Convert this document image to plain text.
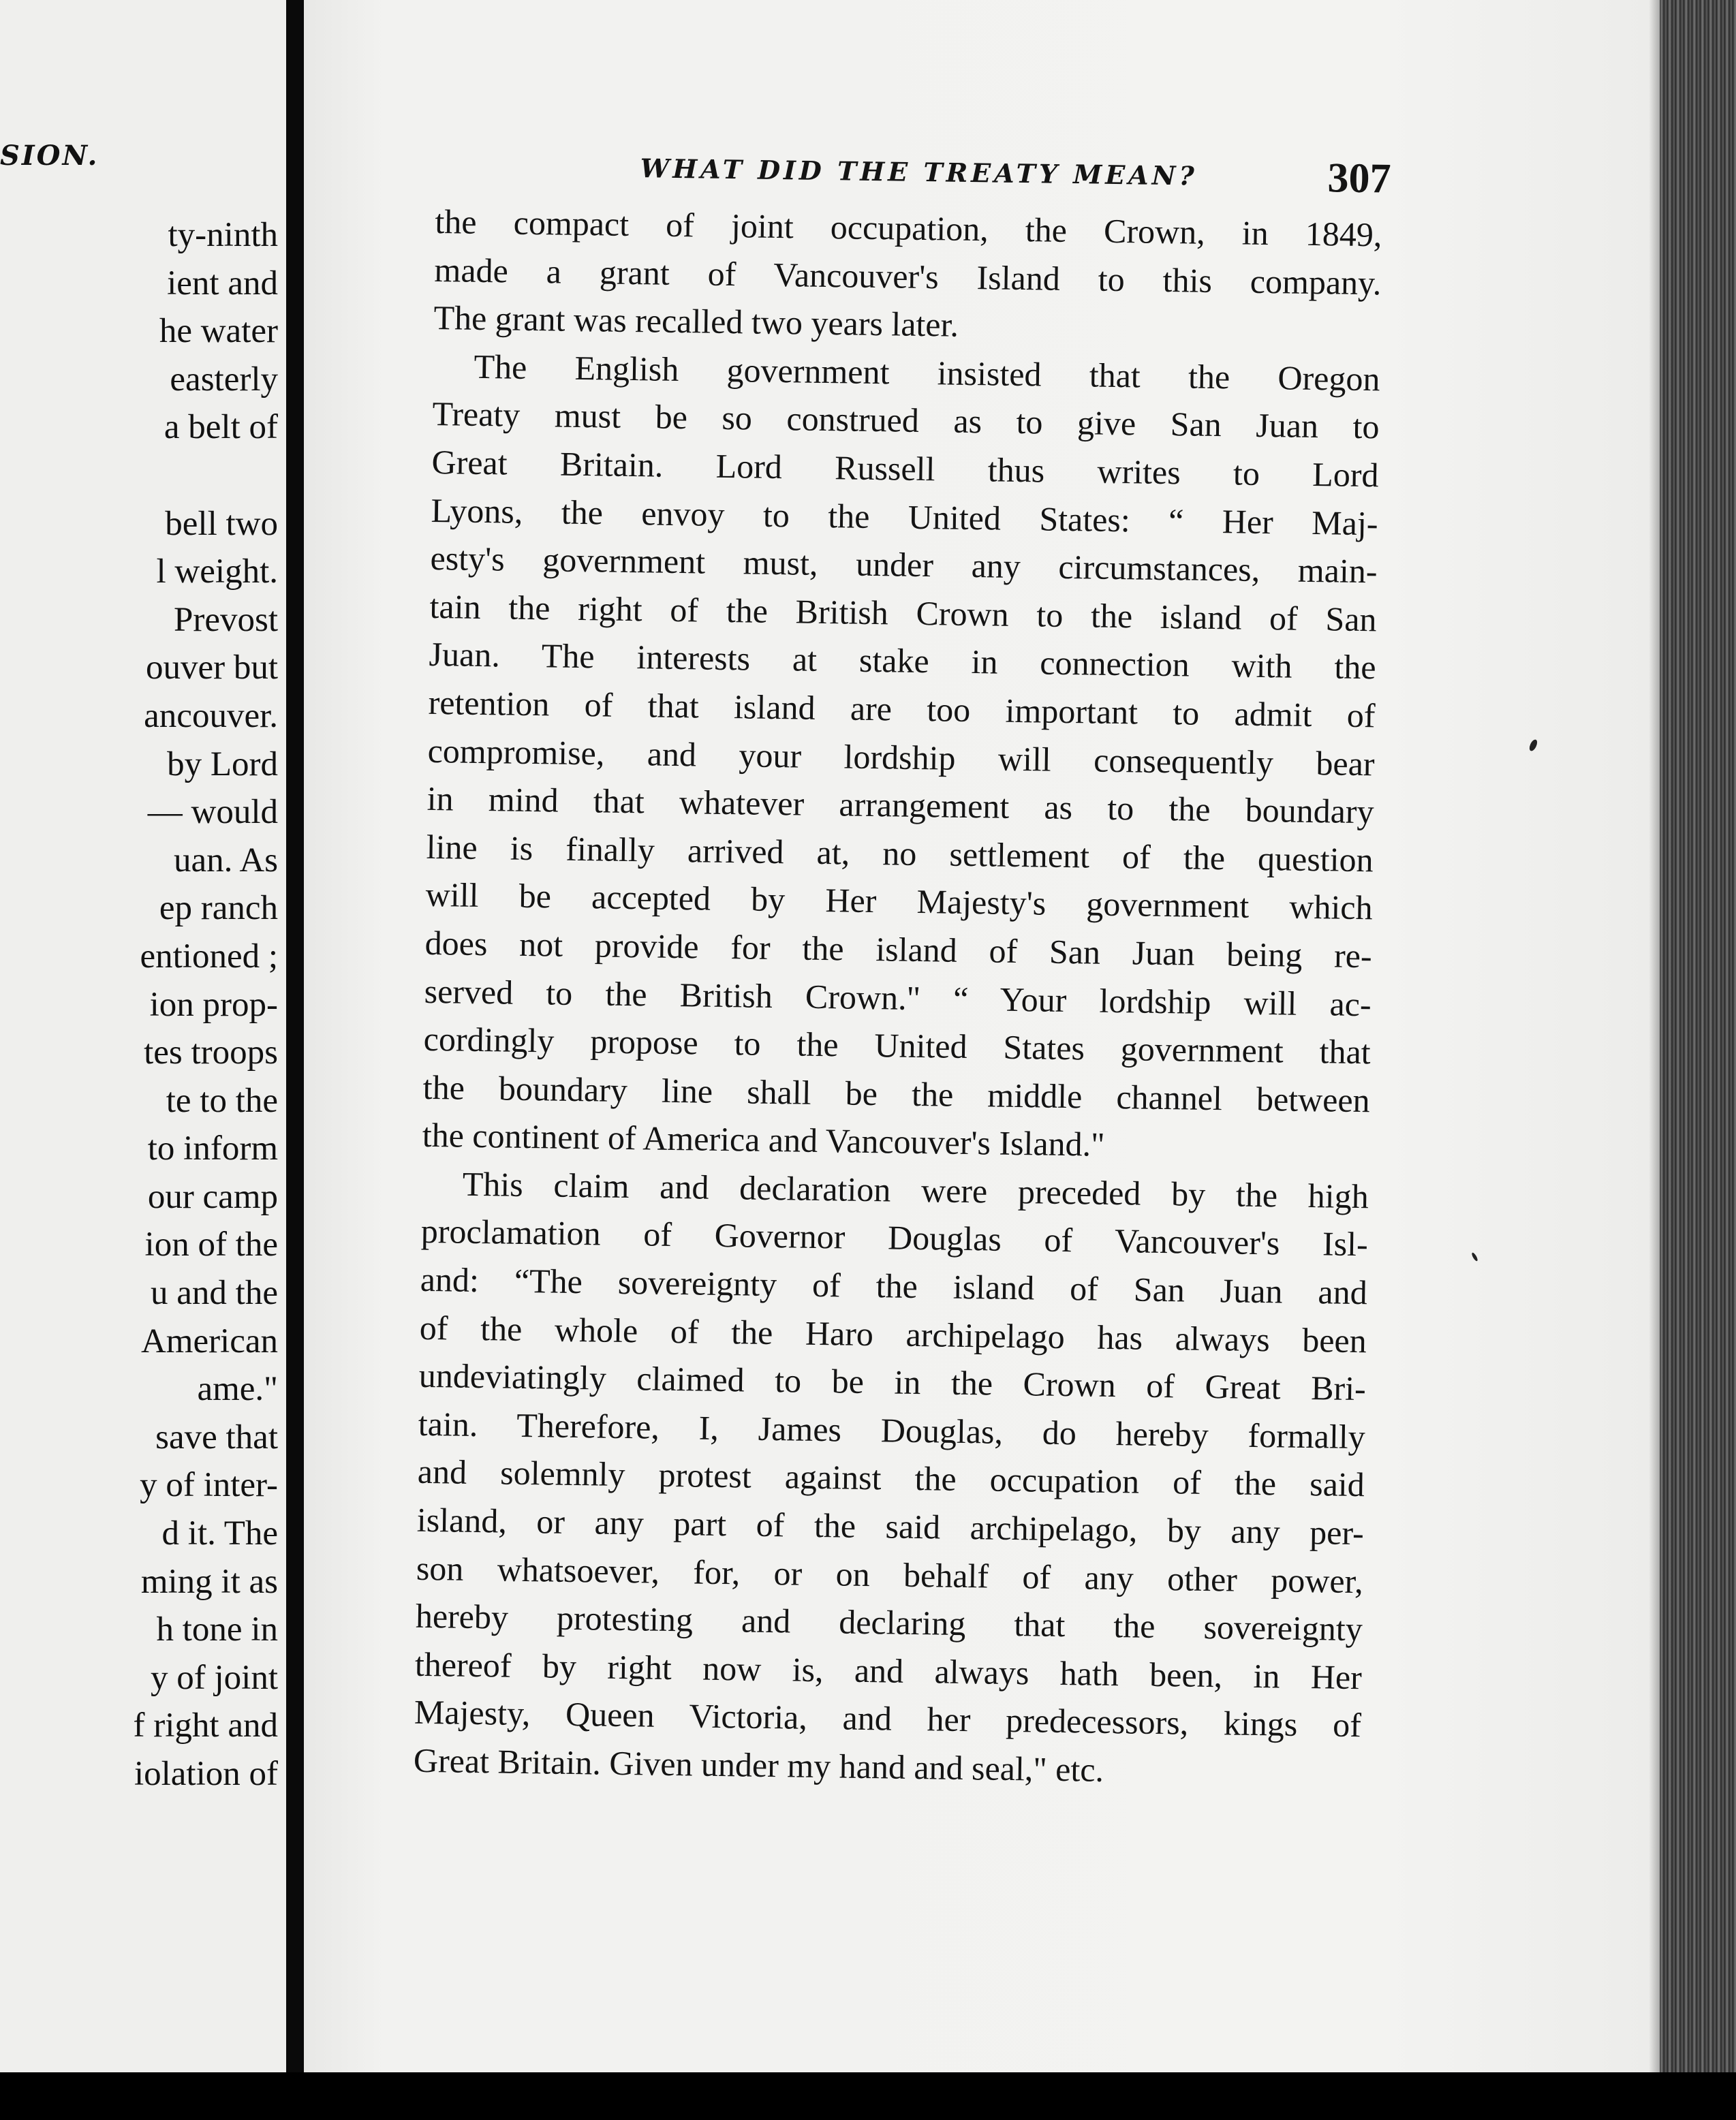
SION.
ty-ninth
ient and
he water
easterly
a belt of

bell two
l weight.
Prevost
ouver but
ancouver.
by Lord
— would
uan. As
ep ranch
entioned ;
ion prop-
tes troops
te to the
to inform
our camp
ion of the
u and the
American
ame."
save that
y of inter-
d it. The
ming it as
h tone in
y of joint
f right and
iolation of
WHAT DID THE TREATY MEAN?	307
the compact of joint occupation, the Crown, in 1849,
made a grant of Vancouver's Island to this company.
The grant was recalled two years later.
The English government insisted that the Oregon
Treaty must be so construed as to give San Juan to
Great Britain. Lord Russell thus writes to Lord
Lyons, the envoy to the United States: “ Her Maj-
esty's government must, under any circumstances, main-
tain the right of the British Crown to the island of San
Juan. The interests at stake in connection with the
retention of that island are too important to admit of
compromise, and your lordship will consequently bear
in mind that whatever arrangement as to the boundary
line is finally arrived at, no settlement of the question
will be accepted by Her Majesty's government which
does not provide for the island of San Juan being re-
served to the British Crown." “ Your lordship will ac-
cordingly propose to the United States government that
the boundary line shall be the middle channel between
the continent of America and Vancouver's Island."
This claim and declaration were preceded by the high
proclamation of Governor Douglas of Vancouver's Isl-
and: “The sovereignty of the island of San Juan and
of the whole of the Haro archipelago has always been
undeviatingly claimed to be in the Crown of Great Bri-
tain. Therefore, I, James Douglas, do hereby formally
and solemnly protest against the occupation of the said
island, or any part of the said archipelago, by any per-
son whatsoever, for, or on behalf of any other power,
hereby protesting and declaring that the sovereignty
thereof by right now is, and always hath been, in Her
Majesty, Queen Victoria, and her predecessors, kings of
Great Britain. Given under my hand and seal," etc.
